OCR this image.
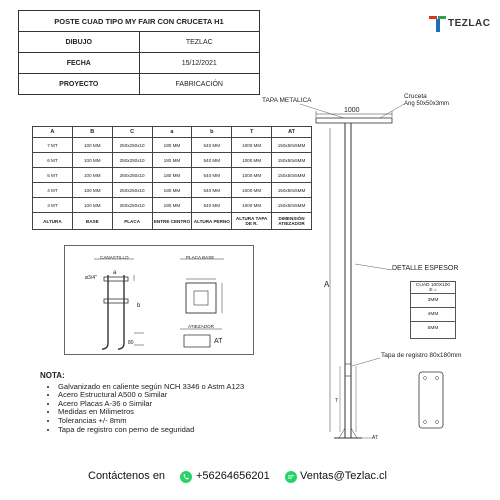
POSTE CUAD TIPO MY FAIR CON CRUCETA H1	
DIBUJO	TEZLAC
FECHA	15/12/2021
PROYECTO	FABRICACIÓN
TEZLAC
A	B	C	a	b	T	AT
7 MT	100 MM	250x250x10	180 MM	540 MM	1000 MM	150x50x5MM
6 MT	100 MM	250x250x10	180 MM	540 MM	1000 MM	150x50x5MM
5 MT	100 MM	250x250x10	180 MM	540 MM	1000 MM	150x50x5MM
4 MT	100 MM	250x250x10	180 MM	540 MM	1000 MM	150x50x5MM
3 MT	100 MM	250x250x10	180 MM	540 MM	1000 MM	150x50x5MM
ALTURA	BASE	PLACA	ENTRE CENTRO	ALTURA PERNO	ALTURA TAPA DE R.	DIMENSIÓN ATIEZADOR
CANASTILLO
ø3/4"
a
b
80
PLACA BASE
ATIEZADOR
AT
TAPA METALICA
Cruceta
Ang 50x50x3mm
1000
A
DETALLE ESPESOR
CUAD 100X100
E =
3MM
4MM
5MM
Tapa de registro 80x180mm
T
AT
NOTA:
• Galvanizado en caliente según NCH 3346 o Astm A123
• Acero Estructural A500 o Similar
• Acero Placas A-36 o Similar
• Medidas en Milimetros
• Tolerancias +/- 8mm
• Tapa de registro con perno de seguridad
Contáctenos en	+56264656201	Ventas@Tezlac.cl
